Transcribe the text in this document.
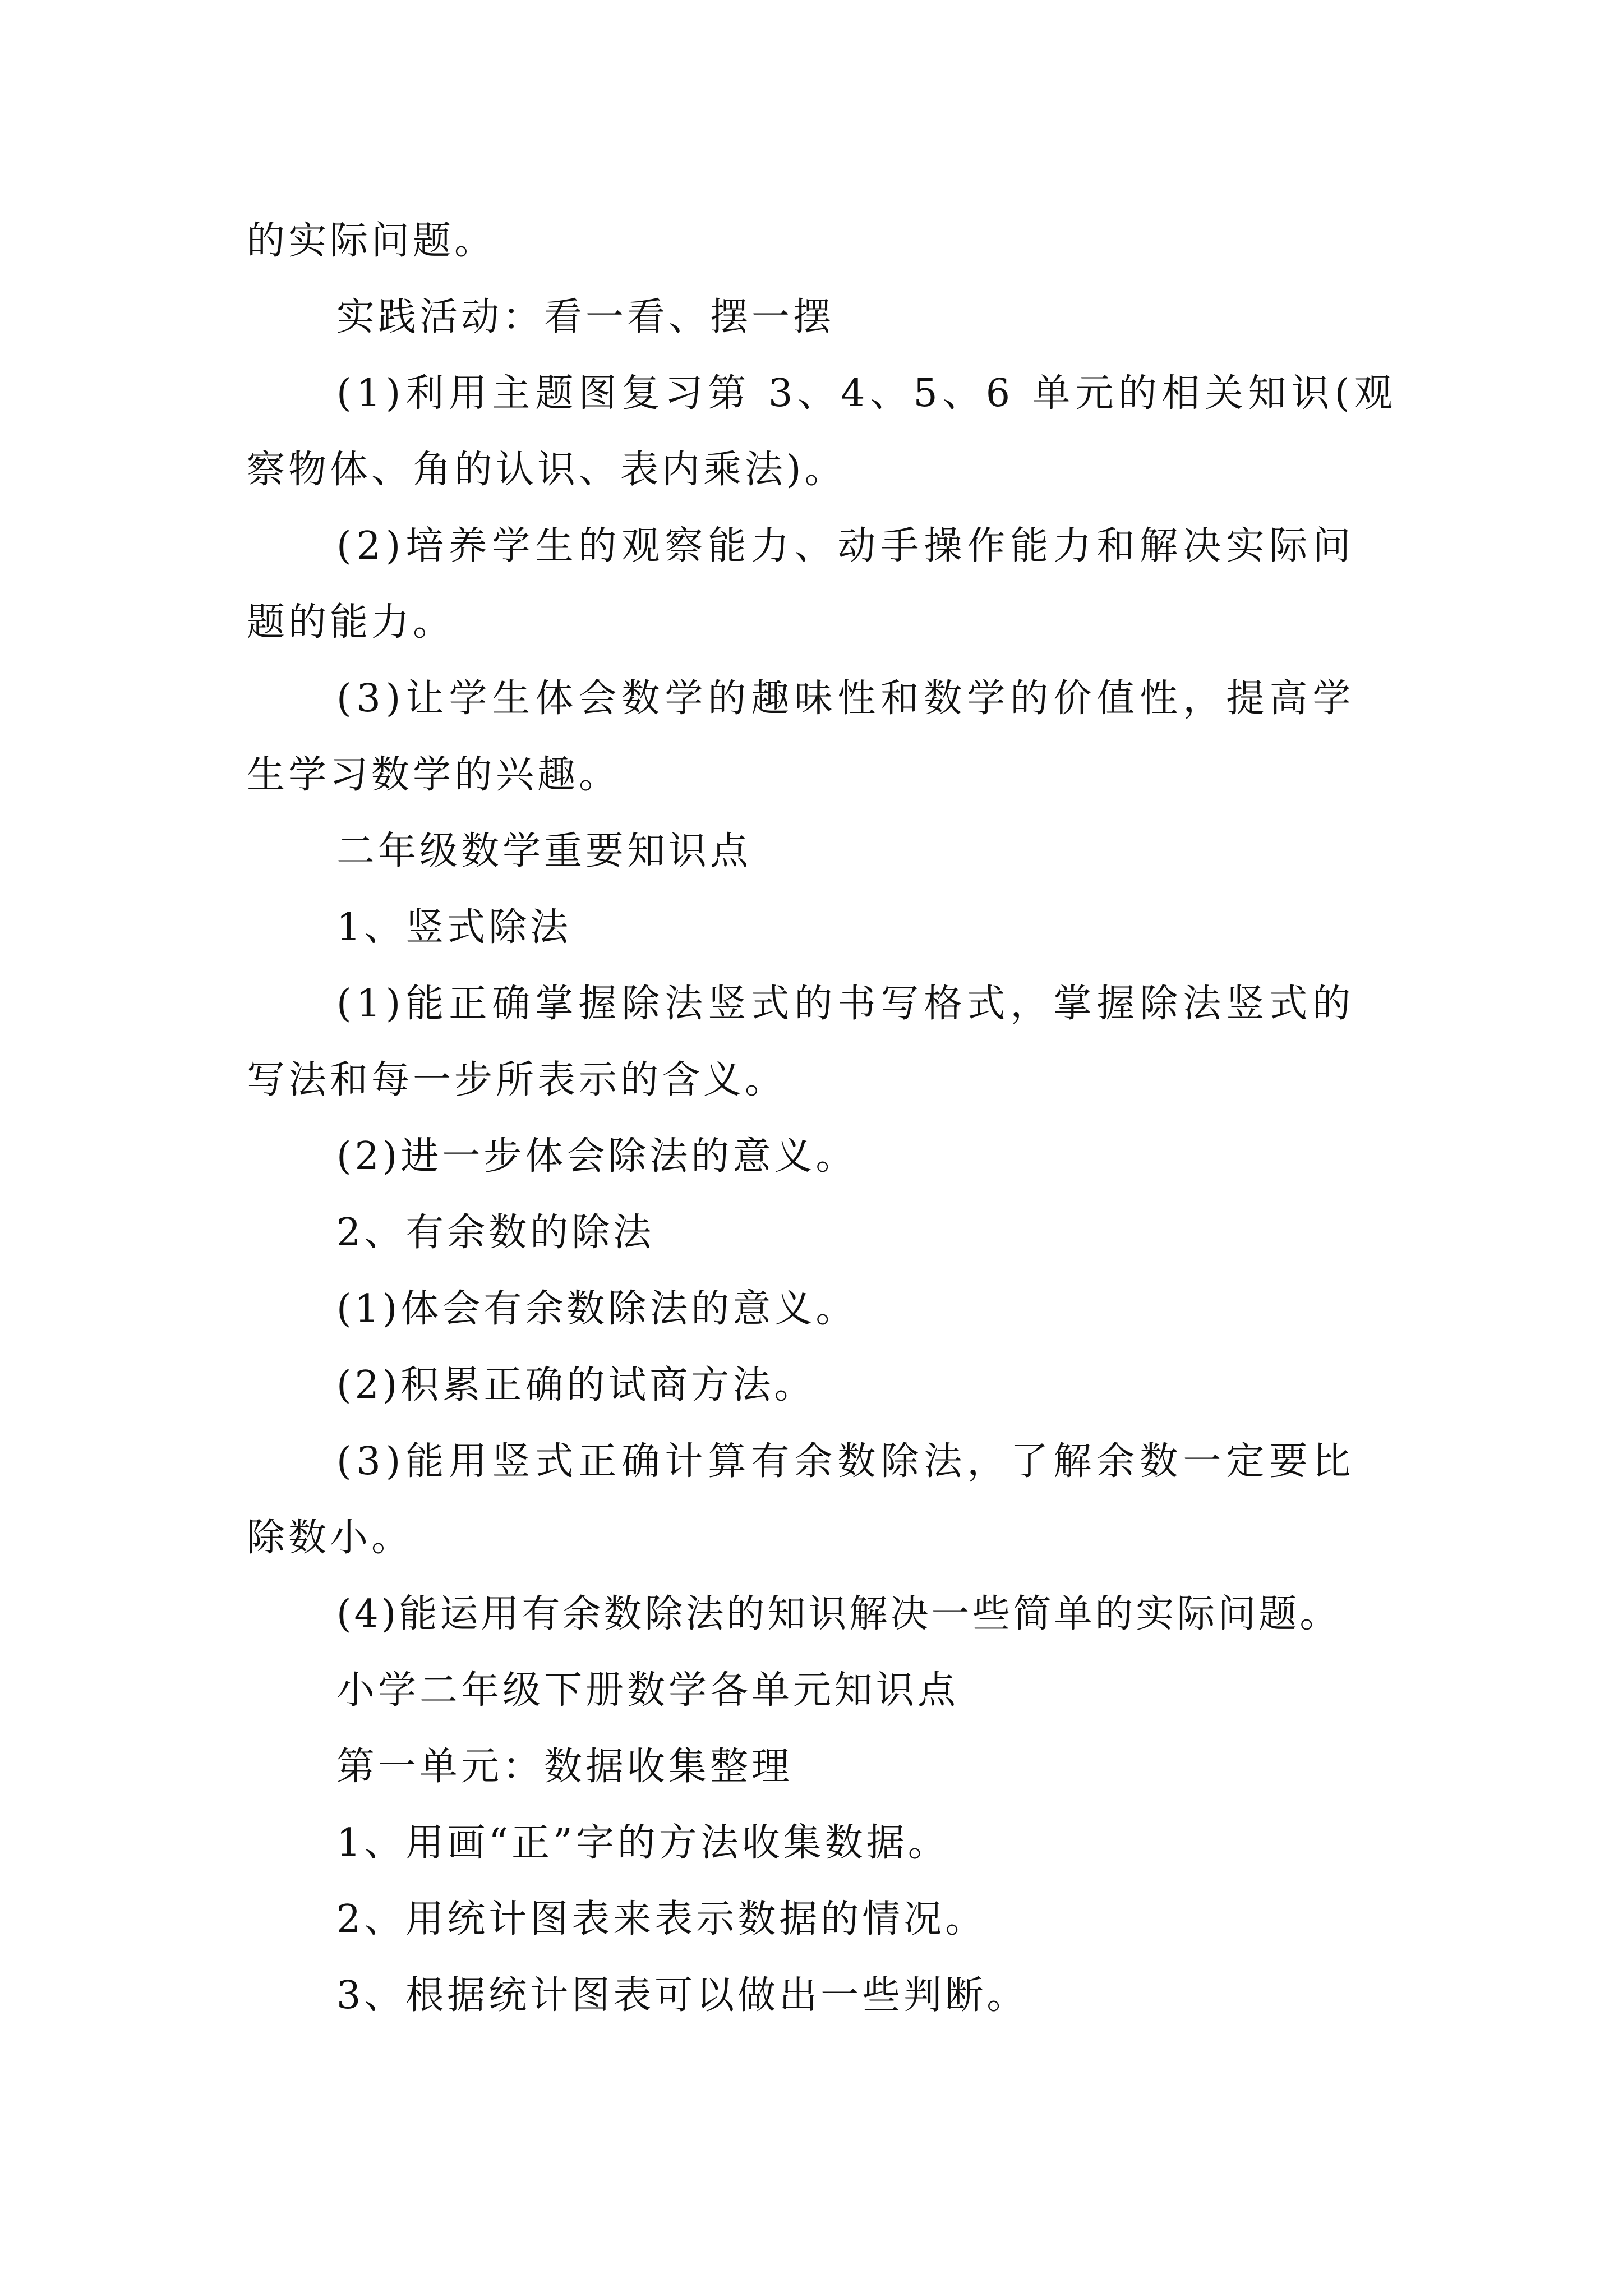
的实际问题。
实践活动：看一看、摆一摆
(1)利用主题图复习第 3、4、5、6 单元的相关知识(观
察物体、角的认识、表内乘法)。
(2)培养学生的观察能力、动手操作能力和解决实际问
题的能力。
(3)让学生体会数学的趣味性和数学的价值性，提高学
生学习数学的兴趣。
二年级数学重要知识点
1、竖式除法
(1)能正确掌握除法竖式的书写格式，掌握除法竖式的
写法和每一步所表示的含义。
(2)进一步体会除法的意义。
2、有余数的除法
(1)体会有余数除法的意义。
(2)积累正确的试商方法。
(3)能用竖式正确计算有余数除法，了解余数一定要比
除数小。
(4)能运用有余数除法的知识解决一些简单的实际问题。
小学二年级下册数学各单元知识点
第一单元：数据收集整理
1、用画“正”字的方法收集数据。
2、用统计图表来表示数据的情况。
3、根据统计图表可以做出一些判断。
